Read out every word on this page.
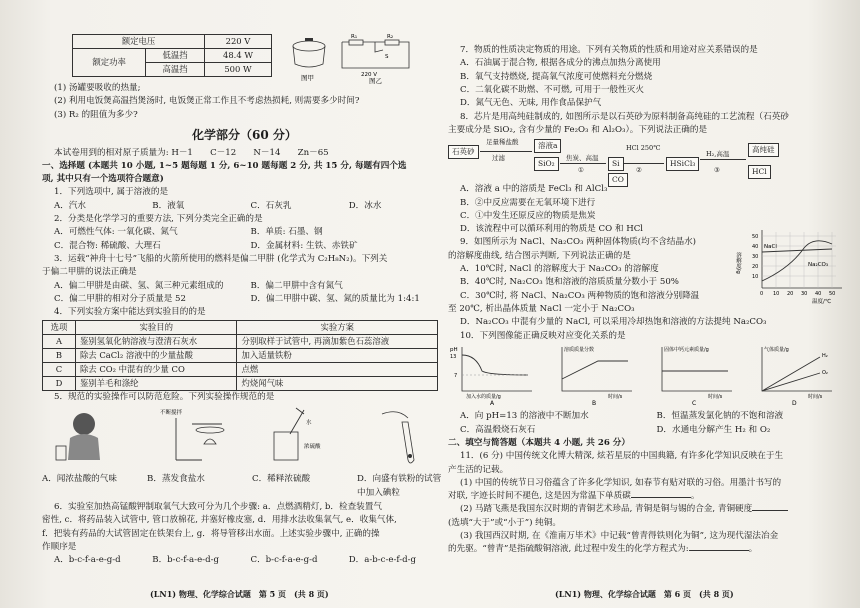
额定电压		220 V
额定功率	低温挡	48.4 W
	高温挡	500 W
图甲
R₁	R₂
S
220 V
图乙

(1) 汤罐要吸收的热量;

(2) 利用电饭煲高温挡煲汤时, 电饭煲正常工作且不考虑热损耗, 则需要多少时间?

(3) R₂ 的阻值为多少?

化学部分（60 分）

本试卷用到的相对原子质量为: H－1　　C－12　　N－14　　Zn－65

一、选择题 (本题共 10 小题, 1~5 题每题 1 分, 6~10 题每题 2 分, 共 15 分, 每题有四个选

项, 其中只有一个选项符合题意)

1．下列选项中, 属于溶液的是

A．汽水	B．液氧	C．石灰乳	D．冰水

2．分类是化学学习的重要方法, 下列分类完全正确的是

A．可燃性气体: 一氧化碳、氮气	B．单质: 石墨、钢
C．混合物: 稀硫酸、大理石	D．金属材料: 生铁、赤铁矿

3．运载“神舟十七号”飞船的火箭所使用的燃料是偏二甲肼 (化学式为 C₂H₈N₂)。下列关

于偏二甲肼的说法正确是

A．偏二甲肼是由碳、氢、氮三种元素组成的	B．偏二甲肼中含有氮气
C．偏二甲肼的相对分子质量是 52	D．偏二甲肼中碳、氢、氮的质量比为 1:4:1

4．下列实验方案中能达到实验目的的是

选项	实验目的	实验方案
A	鉴别氢氧化钠溶液与澄清石灰水	分别取样于试管中, 再滴加紫色石蕊溶液
B	除去 CaCl₂ 溶液中的少量盐酸	加入适量铁粉
C	除去 CO₂ 中混有的少量 CO	点燃
D	鉴别羊毛和涤纶	灼烧闻气味

5．规范的实验操作可以防范危险。下列实验操作规范的是

不断搅拌
水
浓硫酸
A．闻浓盐酸的气味	B．蒸发食盐水	C．稀释浓硫酸	D．向盛有铁粉的试管中加入碘粒

6．实验室加热高锰酸钾制取氧气大致可分为几个步骤: a．点燃酒精灯, b．检查装置气

密性, c．将药品装入试管中, 管口放棉花, 并塞好橡皮塞, d．用排水法收集氧气, e．收集气体,

f．把装有药品的大试管固定在铁架台上, g．将导管移出水面。上述实验步骤中, 正确的操

作顺序是

A．b-c-f-a-e-g-d	B．b-c-f-a-e-d-g	C．b-c-f-a-e-g-d	D．a-b-c-e-f-d-g

(LN1) 物理、化学综合试题　第 5 页　(共 8 页)

7．物质的性质决定物质的用途。下列有关物质的性质和用途对应关系错误的是

A．石油属于混合物, 根据各成分的沸点加热分离使用

B．氧气支持燃烧, 提高氧气浓度可使燃料充分燃烧

C．二氧化碳不助燃、不可燃, 可用于一般性灭火

D．氮气无色、无味, 用作食品保护气

8．芯片是用高纯硅制成的, 如图所示是以石英砂为原料制备高纯硅的工艺流程（石英砂

主要成分是 SiO₂, 含有少量的 Fe₂O₃ 和 Al₂O₃）。下列说法正确的是

石英砂
足量稀盐酸
过滤
溶液a
SiO₂
焦炭、高温
①
Si
CO
HCl 250℃
②
HSiCl₃
H₂,高温
③
高纯硅
HCl

A．溶液 a 中的溶质是 FeCl₃ 和 AlCl₃

B．②中反应需要在无氧环境下进行

C．①中发生还原反应的物质是焦炭

D．该流程中可以循环利用的物质是 CO 和 HCl

9．如图所示为 NaCl、Na₂CO₃ 两种固体物质(均不含结晶水)

的溶解度曲线, 结合图示判断, 下列说法正确的是

A．10℃时, NaCl 的溶解度大于 Na₂CO₃ 的溶解度

B．40℃时, Na₂CO₃ 饱和溶液的溶质质量分数小于 50%

C．30℃时, 将 NaCl、Na₂CO₃ 两种物质的饱和溶液分别降温

至 20℃, 析出晶体质量 NaCl 一定小于 Na₂CO₃

D．Na₂CO₃ 中混有少量的 NaCl, 可以采用冷却热饱和溶液的方法提纯 Na₂CO₃

NaCl
Na₂CO₃
溶解度/g
50
40
30
20
10
0 10 20 30 40 50
温度/℃

10．下列图像能正确反映对应变化关系的是

pH
13
7
加入水的质量/g
A
溶质质量分数
时间/s
B
固体中钙元素质量/g
时间/s
C
气体质量/g
H₂
O₂
时间/s
D
A．向 pH=13 的溶液中不断加水	B．恒温蒸发氯化钠的不饱和溶液
C．高温煅烧石灰石	D．水通电分解产生 H₂ 和 O₂

二、填空与简答题（本题共 4 小题, 共 26 分）

11．(6 分) 中国传统文化博大精深, 炫若星辰的中国典籍, 有许多化学知识反映在于生

产生活的记载。

(1) 中国的传统节日习俗蕴含了许多化学知识, 如春节有贴对联的习俗。用墨汁书写的

对联, 字迹长时间不褪色, 这是因为常温下单质碳	。

(2) 马踏飞燕是我国东汉时期的青铜艺术珍品, 青铜是铜与锡的合金, 青铜硬度

(选填“大于”或“小于”) 纯铜。

(3) 我国西汉时期, 在《淮南万毕术》中记载“曾青得铁则化为铜”, 这为现代湿法冶金

的先驱。“曾青”是指硫酸铜溶液, 此过程中发生的化学方程式为:	。

(LN1) 物理、化学综合试题　第 6 页　(共 8 页)
